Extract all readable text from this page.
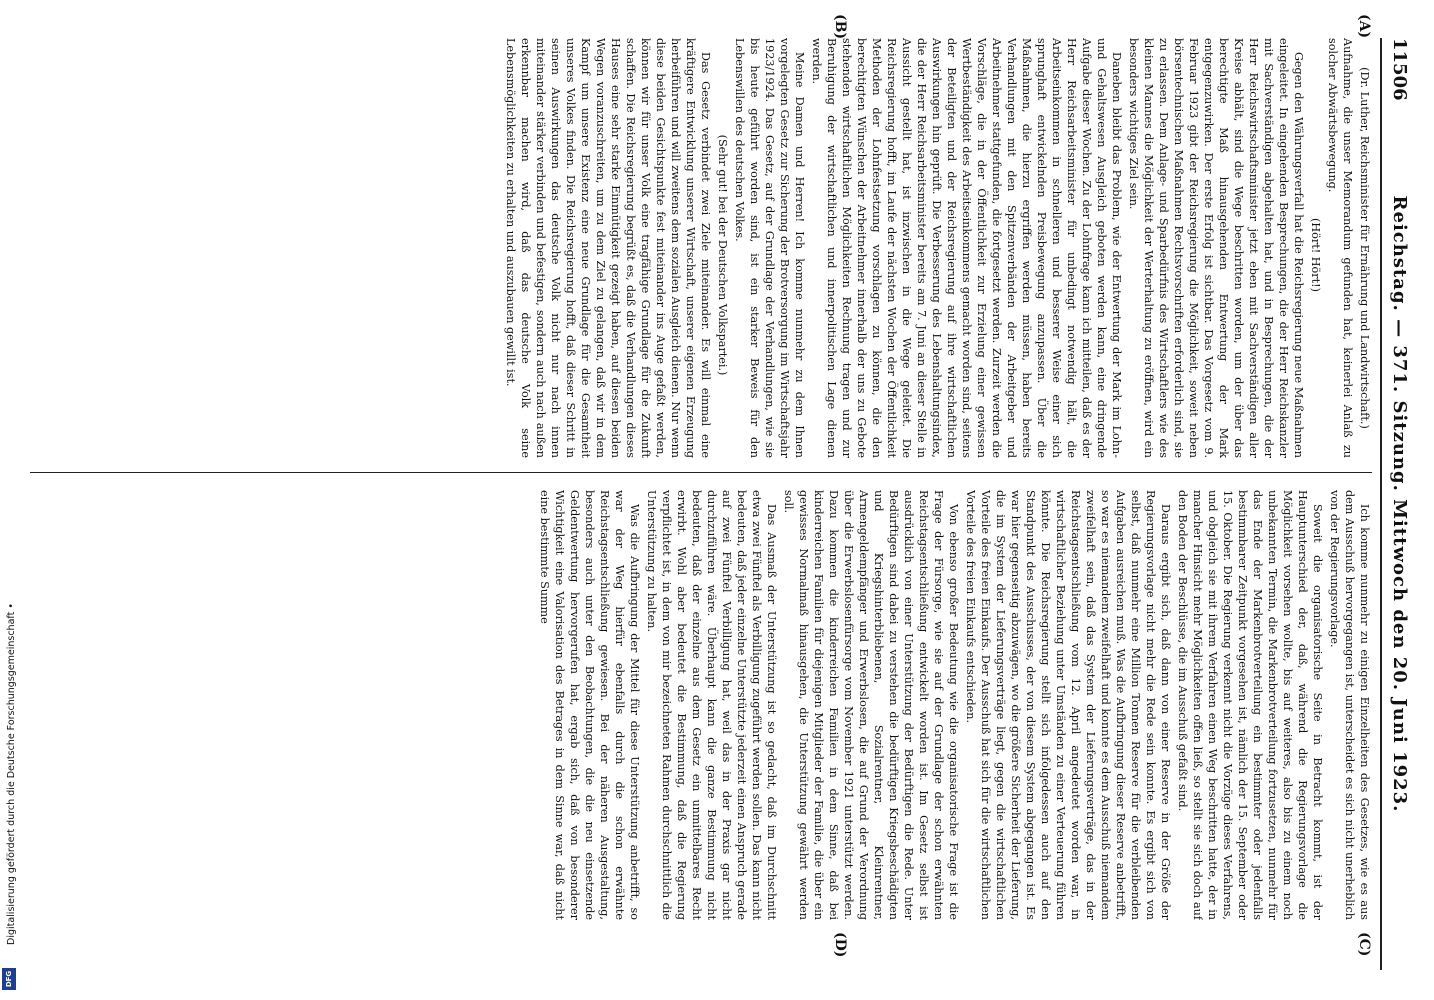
11506
Reichstag. — 371. Sitzung. Mittwoch den 20. Juni 1923.
(A)
(B)
(C)
(D)

(Dr. Luther, Reichsminister für Ernährung und Landwirtschaft.)

Aufnahme, die unser Memorandum gefunden hat, keinerlei Anlaß zu solcher Abwärtsbewegung.

(Hört! Hört!)

Gegen den Währungsverfall hat die Reichsregierung neue Maßnahmen eingeleitet. In eingehenden Besprechungen, die der Herr Reichskanzler mit Sachverständigen abgehalten hat, und in Besprechungen, die der Herr Reichswirtschaftsminister jetzt eben mit Sachverständigen aller Kreise abhält, sind die Wege beschritten worden, um der über das berechtigte Maß hinausgehenden Entwertung der Mark entgegenzuwirken. Der erste Erfolg ist sichtbar. Das Vorgesetz vom 9. Februar 1923 gibt der Reichsregierung die Möglichkeit, soweit neben börsentechnischen Maßnahmen Rechtsvorschriften erforderlich sind, sie zu erlassen. Dem Anlage- und Sparbedürfnis des Wirtschaftlers wie des kleinen Mannes die Möglichkeit der Werterhaltung zu eröffnen, wird ein besonders wichtiges Ziel sein.

Daneben bleibt das Problem, wie der Entwertung der Mark im Lohn- und Gehaltswesen Ausgleich geboten werden kann, eine dringende Aufgabe dieser Wochen. Zu der Lohnfrage kann ich mitteilen, daß es der Herr Reichsarbeitsminister für unbedingt notwendig hält, die Arbeitseinkommen in schnelleren und besserer Weise einer sich sprunghaft entwickelnden Preisbewegung anzupassen. Über die Maßnahmen, die hierzu ergriffen werden müssen, haben bereits Verhandlungen mit den Spitzenverbänden der Arbeitgeber und Arbeitnehmer stattgefunden, die fortgesetzt werden. Zurzeit werden die Vorschläge, die in der Öffentlichkeit zur Erzielung einer gewissen Wertbeständigkeit des Arbeitseinkommens gemacht worden sind, seitens der Beteiligten und der Reichsregierung auf ihre wirtschaftlichen Auswirkungen hin geprüft. Die Verbesserung des Lebenshaltungsindex, die der Herr Reichsarbeitsminister bereits am 7. Juni an dieser Stelle in Aussicht gestellt hat, ist inzwischen in die Wege geleitet. Die Reichsregierung hofft, im Laufe der nächsten Wochen der Öffentlichkeit Methoden der Lohnfestsetzung vorschlagen zu können, die den berechtigten Wünschen der Arbeitnehmer innerhalb der uns zu Gebote stehenden wirtschaftlichen Möglichkeiten Rechnung tragen und zur Beruhigung der wirtschaftlichen und innerpolitischen Lage dienen werden.

Meine Damen und Herren! Ich komme nunmehr zu dem Ihnen vorgelegten Gesetz zur Sicherung der Brotversorgung im Wirtschaftsjahr 1923/1924. Das Gesetz, auf der Grundlage der Verhandlungen, wie sie bis heute geführt worden sind, ist ein starker Beweis für den Lebenswillen des deutschen Volkes.

(Sehr gut! bei der Deutschen Volkspartei.)

Das Gesetz verbindet zwei Ziele miteinander. Es will einmal eine kräftigere Entwicklung unserer Wirtschaft, unserer eigenen Erzeugung herbeiführen und will zweitens dem sozialen Ausgleich dienen. Nur wenn diese beiden Gesichtspunkte fest miteinander ins Auge gefaßt werden, können wir für unser Volk eine tragfähige Grundlage für die Zukunft schaffen. Die Reichsregierung begrüßt es, daß die Verhandlungen dieses Hauses eine sehr starke Einmütigkeit gezeigt haben, auf diesen beiden Wegen voranzuschreiten, um zu dem Ziel zu gelangen, daß wir in dem Kampf um unsere Existenz eine neue Grundlage für die Gesamtheit unseres Volkes finden. Die Reichsregierung hofft, daß dieser Schritt in seinen Auswirkungen das deutsche Volk nicht nur nach innen miteinander stärker verbinden und befestigen, sondern auch nach außen erkennbar machen wird, daß das deutsche Volk seine Lebensmöglichkeiten zu erhalten und auszubauen gewillt ist.

Ich komme nunmehr zu einigen Einzelheiten des Gesetzes, wie es aus dem Ausschuß hervorgegangen ist, unterscheidet es sich nicht unerheblich von der Regierungsvorlage.

Soweit die organisatorische Seite in Betracht kommt, ist der Hauptunterschied der, daß, während die Regierungsvorlage die Möglichkeit vorsehen wollte, bis auf weiteres, also bis zu einem noch unbekannten Termin, die Markenbrotverteilung fortzusetzen, nunmehr für das Ende der Markenbrotverteilung ein bestimmter oder jedenfalls bestimmbarer Zeitpunkt vorgesehen ist, nämlich der 15. September oder 15. Oktober. Die Regierung verkennt nicht die Vorzüge dieses Verfahrens, und obgleich sie mit ihrem Verfahren einen Weg beschritten hatte, der in mancher Hinsicht mehr Möglichkeiten offen ließ, so stellt sie sich doch auf den Boden der Beschlüsse, die im Ausschuß gefaßt sind.

Daraus ergibt sich, daß dann von einer Reserve in der Größe der Regierungsvorlage nicht mehr die Rede sein konnte. Es ergibt sich von selbst, daß nunmehr eine Million Tonnen Reserve für die verbleibenden Aufgaben ausreichen muß. Was die Aufbringung dieser Reserve anbetrifft, so war es niemandem zweifelhaft und konnte es dem Ausschuß niemandem zweifelhaft sein, daß das System der Lieferungsverträge, das in der Reichstagsentschließung vom 12. April angedeutet worden war, in wirtschaftlicher Beziehung unter Umständen zu einer Verteuerung führen könnte. Die Reichsregierung stellt sich infolgedessen auch auf den Standpunkt des Ausschusses, der von diesem System abgegangen ist. Es war hier gegenseitig abzuwägen, wo die größere Sicherheit der Lieferung, die im System der Lieferungsverträge liegt, gegen die wirtschaftlichen Vorteile des freien Einkaufs. Der Ausschuß hat sich für die wirtschaftlichen Vorteile des freien Einkaufs entschieden.

Von ebenso großer Bedeutung wie die organisatorische Frage ist die Frage der Fürsorge, wie sie auf der Grundlage der schon erwähnten Reichstagsentschließung entwickelt worden ist. Im Gesetz selbst ist ausdrücklich von einer Unterstützung der Bedürftigen die Rede. Unter Bedürftigen sind dabei zu verstehen die bedürftigen Kriegsbeschädigten und Kriegshinterbliebenen, Sozialrentner, Kleinrentner, Armengeldempfänger und Erwerbslosen, die auf Grund der Verordnung über die Erwerbslosenfürsorge vom November 1921 unterstützt werden. Dazu kommen die kinderreichen Familien in dem Sinne, daß bei kinderreichen Familien für diejenigen Mitglieder der Familie, die über ein gewisses Normalmaß hinausgehen, die Unterstützung gewährt werden soll.

Das Ausmaß der Unterstützung ist so gedacht, daß im Durchschnitt etwa zwei Fünftel als Verbilligung zugeführt werden sollen. Das kann nicht bedeuten, daß jeder einzelne Unterstützte jederzeit einen Anspruch gerade auf zwei Fünftel Verbilligung hat, weil das in der Praxis gar nicht durchzuführen wäre. Überhaupt kann die ganze Bestimmung nicht bedeuten, daß der einzelne aus dem Gesetz ein unmittelbares Recht erwirbt. Wohl aber bedeutet die Bestimmung, daß die Regierung verpflichtet ist, in dem von mir bezeichneten Rahmen durchschnittlich die Unterstützung zu halten.

Was die Aufbringung der Mittel für diese Unterstützung anbetrifft, so war der Weg hierfür ebenfalls durch die schon erwähnte Reichstagsentschließung gewiesen. Bei der näheren Ausgestaltung, besonders auch unter den Beobachtungen, die die neu einsetzende Geldentwertung hervorgerufen hat, ergab sich, daß von besonderer Wichtigkeit eine Valorisation des Betrages in dem Sinne war, daß nicht eine bestimmte Summe

Digitalisierung gefördert durch die Deutsche Forschungsgemeinschaft •
DFG
